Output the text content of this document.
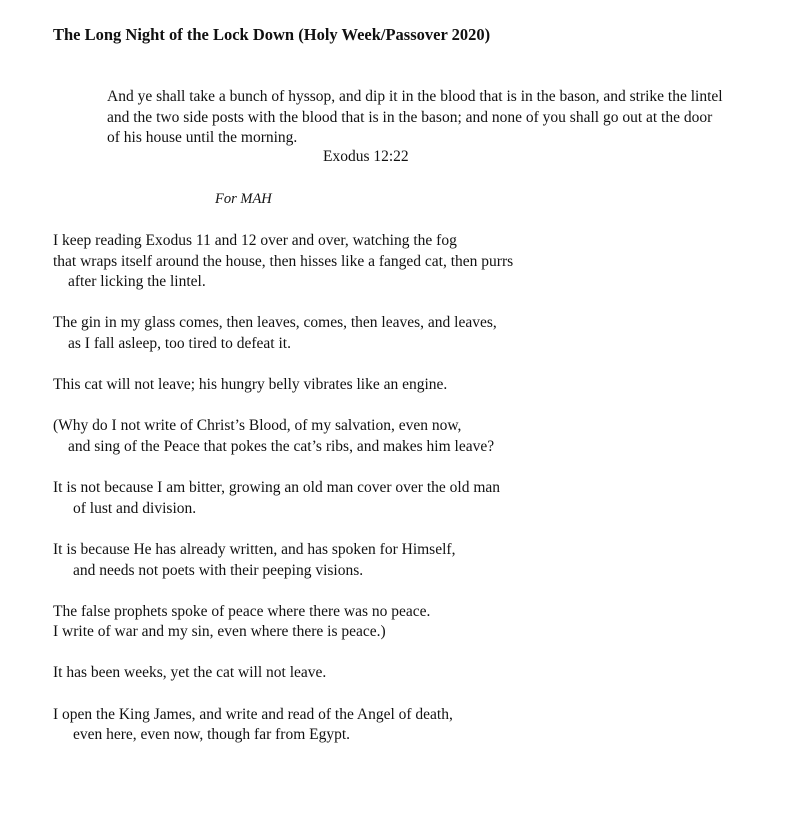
The Long Night of the Lock Down (Holy Week/Passover 2020)
And ye shall take a bunch of hyssop, and dip it in the blood that is in the bason, and strike the lintel
and the two side posts with the blood that is in the bason; and none of you shall go out at the door
of his house until the morning.
Exodus 12:22
For MAH
I keep reading Exodus 11 and 12 over and over, watching the fog
that wraps itself around the house, then hisses like a fanged cat, then purrs
after licking the lintel.
The gin in my glass comes, then leaves, comes, then leaves, and leaves,
as I fall asleep, too tired to defeat it.
This cat will not leave; his hungry belly vibrates like an engine.
(Why do I not write of Christ’s Blood, of my salvation, even now,
and sing of the Peace that pokes the cat’s ribs, and makes him leave?
It is not because I am bitter, growing an old man cover over the old man
of lust and division.
It is because He has already written, and has spoken for Himself,
and needs not poets with their peeping visions.
The false prophets spoke of peace where there was no peace.
I write of war and my sin, even where there is peace.)
It has been weeks, yet the cat will not leave.
I open the King James, and write and read of the Angel of death,
even here, even now, though far from Egypt.
